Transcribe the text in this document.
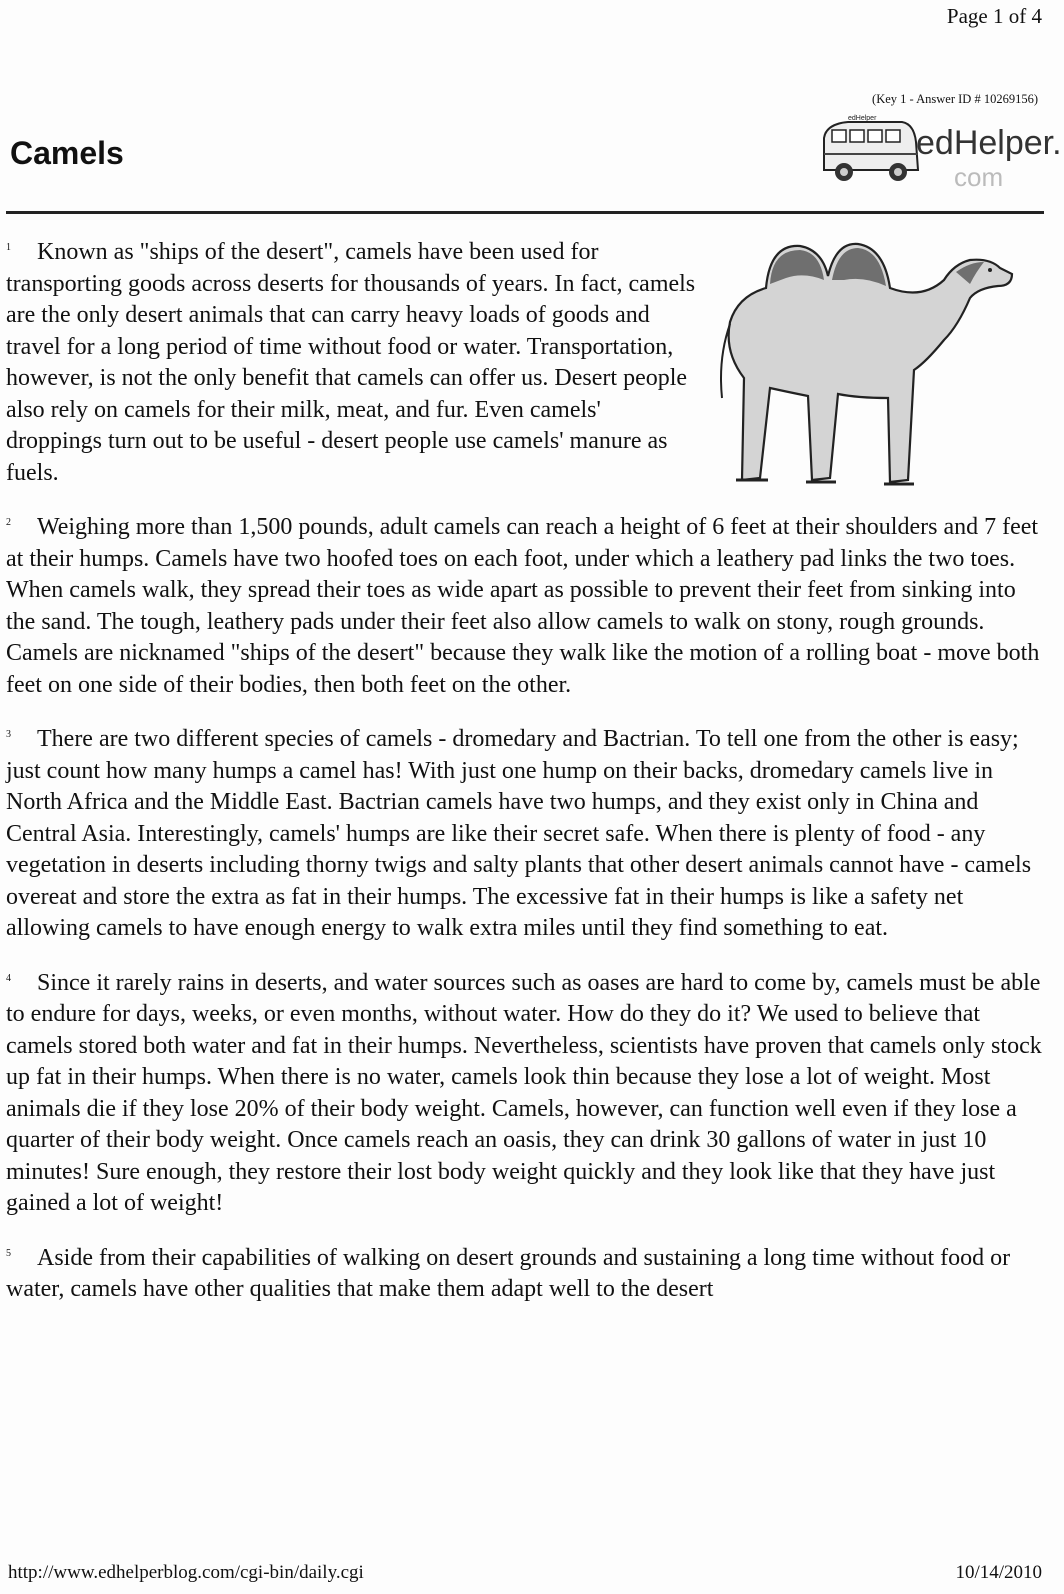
Page 1 of 4
(Key 1 - Answer ID # 10269156)
Camels
edHelper
edHelper.
com

$^1$ Known as "ships of the desert", camels have been used for transporting goods across deserts for thousands of years. In fact, camels are the only desert animals that can carry heavy loads of goods and travel for a long period of time without food or water. Transportation, however, is not the only benefit that camels can offer us. Desert people also rely on camels for their milk, meat, and fur. Even camels' droppings turn out to be useful - desert people use camels' manure as fuels.

$^2$ Weighing more than 1,500 pounds, adult camels can reach a height of 6 feet at their shoulders and 7 feet at their humps. Camels have two hoofed toes on each foot, under which a leathery pad links the two toes. When camels walk, they spread their toes as wide apart as possible to prevent their feet from sinking into the sand. The tough, leathery pads under their feet also allow camels to walk on stony, rough grounds. Camels are nicknamed "ships of the desert" because they walk like the motion of a rolling boat - move both feet on one side of their bodies, then both feet on the other.

$^3$ There are two different species of camels - dromedary and Bactrian. To tell one from the other is easy; just count how many humps a camel has! With just one hump on their backs, dromedary camels live in North Africa and the Middle East. Bactrian camels have two humps, and they exist only in China and Central Asia. Interestingly, camels' humps are like their secret safe. When there is plenty of food - any vegetation in deserts including thorny twigs and salty plants that other desert animals cannot have - camels overeat and store the extra as fat in their humps. The excessive fat in their humps is like a safety net allowing camels to have enough energy to walk extra miles until they find something to eat.

$^4$ Since it rarely rains in deserts, and water sources such as oases are hard to come by, camels must be able to endure for days, weeks, or even months, without water. How do they do it? We used to believe that camels stored both water and fat in their humps. Nevertheless, scientists have proven that camels only stock up fat in their humps. When there is no water, camels look thin because they lose a lot of weight. Most animals die if they lose 20% of their body weight. Camels, however, can function well even if they lose a quarter of their body weight. Once camels reach an oasis, they can drink 30 gallons of water in just 10 minutes! Sure enough, they restore their lost body weight quickly and they look like that they have just gained a lot of weight!

$^5$ Aside from their capabilities of walking on desert grounds and sustaining a long time without food or water, camels have other qualities that make them adapt well to the desert

http://www.edhelperblog.com/cgi-bin/daily.cgi	10/14/2010
